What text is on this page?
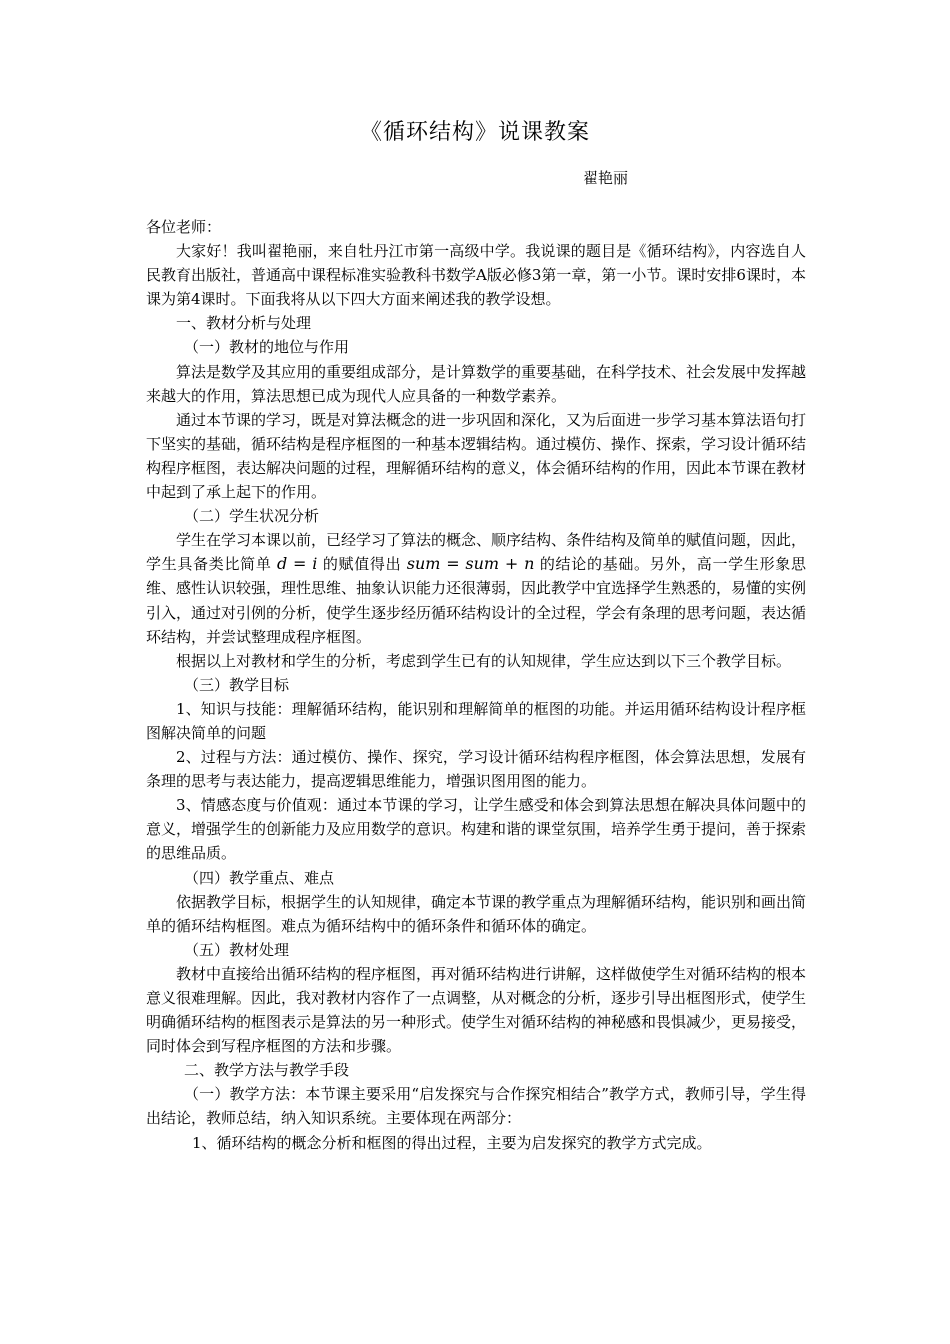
《循环结构》说课教案
翟艳丽

各位老师：

大家好！我叫翟艳丽，来自牡丹江市第一高级中学。我说课的题目是《循环结构》，内容选自人民教育出版社，普通高中课程标准实验教科书数学A版必修3第一章，第一小节。课时安排6课时，本课为第4课时。下面我将从以下四大方面来阐述我的教学设想。

一、教材分析与处理

（一）教材的地位与作用

算法是数学及其应用的重要组成部分，是计算数学的重要基础，在科学技术、社会发展中发挥越来越大的作用，算法思想已成为现代人应具备的一种数学素养。

通过本节课的学习，既是对算法概念的进一步巩固和深化，又为后面进一步学习基本算法语句打下坚实的基础，循环结构是程序框图的一种基本逻辑结构。通过模仿、操作、探索，学习设计循环结构程序框图，表达解决问题的过程，理解循环结构的意义，体会循环结构的作用，因此本节课在教材中起到了承上起下的作用。

（二）学生状况分析

学生在学习本课以前，已经学习了算法的概念、顺序结构、条件结构及简单的赋值问题，因此，学生具备类比简单 d = i 的赋值得出 sum = sum + n 的结论的基础。另外，高一学生形象思维、感性认识较强，理性思维、抽象认识能力还很薄弱，因此教学中宜选择学生熟悉的，易懂的实例引入，通过对引例的分析，使学生逐步经历循环结构设计的全过程，学会有条理的思考问题，表达循环结构，并尝试整理成程序框图。

根据以上对教材和学生的分析，考虑到学生已有的认知规律，学生应达到以下三个教学目标。

（三）教学目标

1、知识与技能：理解循环结构，能识别和理解简单的框图的功能。并运用循环结构设计程序框图解决简单的问题

2、过程与方法：通过模仿、操作、探究，学习设计循环结构程序框图，体会算法思想，发展有条理的思考与表达能力，提高逻辑思维能力，增强识图用图的能力。

3、情感态度与价值观：通过本节课的学习，让学生感受和体会到算法思想在解决具体问题中的意义，增强学生的创新能力及应用数学的意识。构建和谐的课堂氛围，培养学生勇于提问，善于探索的思维品质。

（四）教学重点、难点

依据教学目标，根据学生的认知规律，确定本节课的教学重点为理解循环结构，能识别和画出简单的循环结构框图。难点为循环结构中的循环条件和循环体的确定。

（五）教材处理

教材中直接给出循环结构的程序框图，再对循环结构进行讲解，这样做使学生对循环结构的根本意义很难理解。因此，我对教材内容作了一点调整，从对概念的分析，逐步引导出框图形式，使学生明确循环结构的框图表示是算法的另一种形式。使学生对循环结构的神秘感和畏惧减少，更易接受，同时体会到写程序框图的方法和步骤。

二、教学方法与教学手段

（一）教学方法：本节课主要采用“启发探究与合作探究相结合”教学方式，教师引导，学生得出结论，教师总结，纳入知识系统。主要体现在两部分：

1、循环结构的概念分析和框图的得出过程，主要为启发探究的教学方式完成。
